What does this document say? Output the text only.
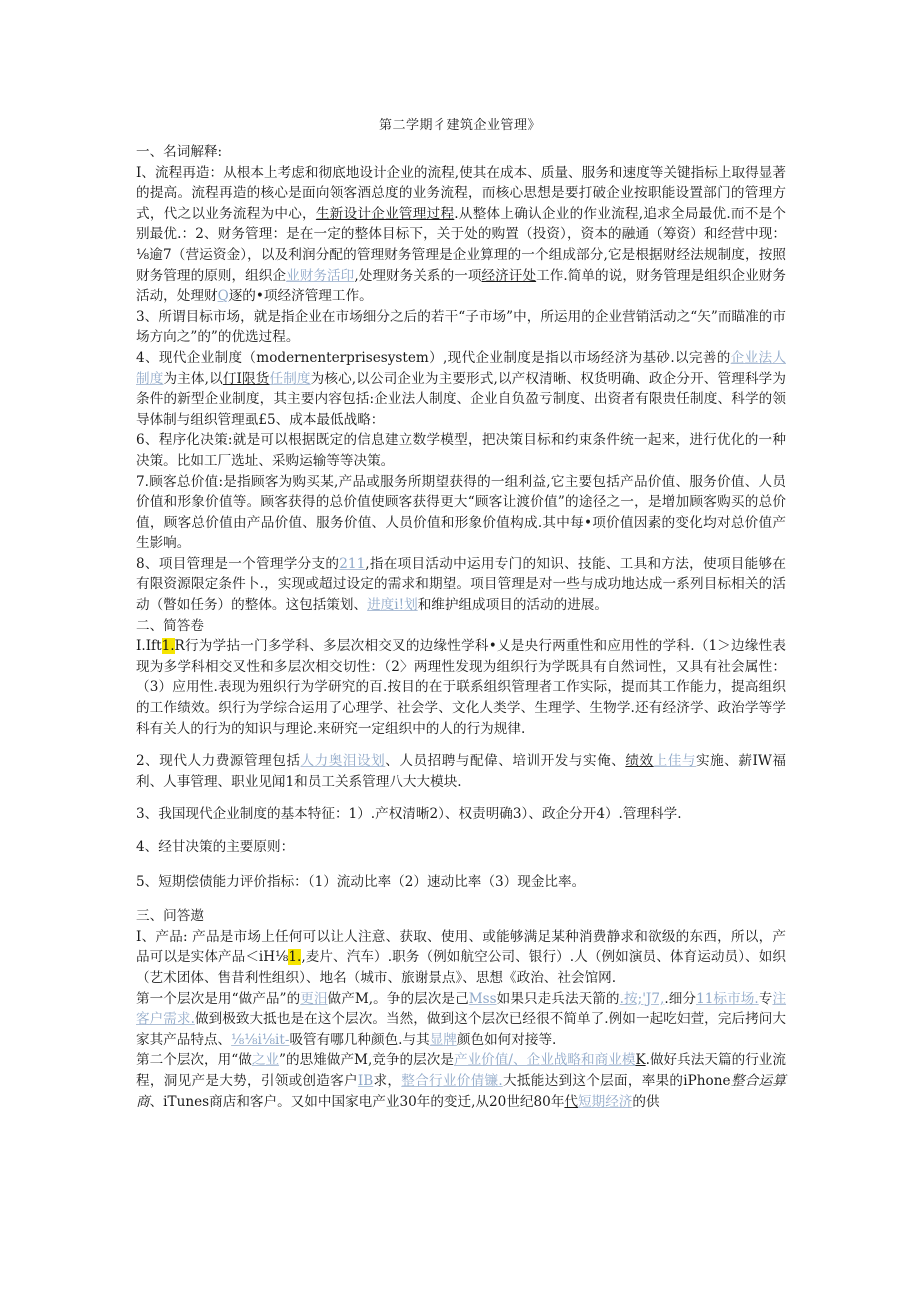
第二学期彳建筑企业管理》

一、名词解释:

I、流程再造：从根本上考虑和彻底地设计企业的流程,使其在成本、质量、服务和速度等关键指标上取得显著的提高。流程再造的核心是面向领客酒总度的业务流程，而核心思想是要打破企业按职能设置部门的管理方式，代之以业务流程为中心，生新设计企业管理过程.从整体上确认企业的作业流程,追求全局最优.而不是个别最优.：2、财务管理：是在一定的整体目标下，关于处的购置（投资），资本的融通（筹资）和经营中现：⅛逾7（营运资金），以及利润分配的管理财务管理是企业算理的一个组成部分,它是根据财经法规制度，按照财务管理的原则，组织企业财务活印,处理财务关系的一项经济讦处工作.简单的说，财务管理是组织企业财务活动，处理财Q逐的•项经济管理工作。

3、所谓目标市场，就是指企业在市场细分之后的若干“子市场”中，所运用的企业营销活动之“矢”而瞄准的市场方向之”的”的优选过程。

4、现代企业制度（modernenterprisesystem）,现代企业制度是指以市场经济为基砂.以完善的企业法人制度为主体,以仃I限货任制度为核心,以公司企业为主要形式,以产权清晰、权货明确、政企分开、管理科学为条件的新型企业制度，其主要内容包括:企业法人制度、企业自负盈亏制度、出资者有限贵任制度、科学的领导体制与组织管理虱£5、成本最低战略：

6、程序化决策:就是可以根据既定的信息建立数学模型，把决策目标和约束条件统一起来，进行优化的一种决策。比如工厂选址、采购运输等等决策。

7.顾客总价值:是指顾客为购买某,产品或服务所期望获得的一组利益,它主要包括产品价值、服务价值、人员价值和形象价值等。顾客获得的总价值使顾客获得更大“顾客让渡价值”的途径之一，是增加顾客购买的总价值，顾客总价值由产品价值、服务价值、人员价值和形象价值构成.其中每•项价值因素的变化均对总价值产生影响。

8、项目管理是一个管理学分支的211,指在项目活动中运用专门的知识、技能、工具和方法，使项目能够在有限资源限定条件卜.，实现或超过设定的需求和期望。项目管理是对一些与成功地达成一系列目标相关的活动（瞥如任务）的整体。这包括策划、进度i!划和维护组成项目的活动的进展。

二、简答卷

I.Ift1.R行为学拈一门多学科、多层次相交叉的边缘性学科•乂是央行两重性和应用性的学科.（1＞边缘性表现为多学科相交叉性和多层次相交切性：（2〉两理性发现为组织行为学既具有自然词性，又具有社会属性：（3）应用性.表现为殂织行为学研究的百.按目的在于联系组织管理者工作实际，提而其工作能力，提高组织的工作绩效。织行为学综合运用了心理学、社会学、文化人类学、生理学、生物学.还有经济学、政治学等学科有关人的行为的知识与理论.来研究一定组织中的人的行为规律.

2、现代人力费源管理包括人力奥泪设划、人员招聘与配偉、培训开发与实俺、绩效上佳与实施、薪IW福利、人事管理、职业见闻1和员工关系管理八大大模块.

3、我国现代企业制度的基本特征：1）.产权清晰2）、权责明确3）、政企分开4）.管理科学.

4、经甘决策的主要原则：

5、短期偿债能力评价指标：（1）流动比率（2）速动比率（3）现金比率。

三、问答遨

I、产品: 产品是市场上任何可以让人注意、获取、使用、或能够满足某种消费静求和欲级的东西，所以，产品可以是实体产品＜iH⅛1.,麦片、汽车）.职务（例如航空公司、银行）.人（例如演员、体育运动员）、如织（艺术团体、售昔利性组织）、地名（城市、旅谢景点》、思想《政治、社会馆网.

第一个层次是用“做产品”的更汨做产M,。争的层次是己Mss如果只走兵法天箭的.按;'J7,.细分11标市场.专注客户需求.做到极致大抵也是在这个层次。当然，做到这个层次已经很不简单了.例如一起吃妇萱，完后拷问大家其产品特点、⅛⅛i⅛it-吸管有哪几种颜色.与其显牌颜色如何对接等.

第二个层次，用“做之业”的思雉做产M,竞争的层次是产业价值/、企业战略和商业模K.做好兵法天篇的行业流程，洞见产是大势，引领或创造客户IB求，整合行业价倩镰.大抵能达到这个层面，率果的iPhone整合运算商、iTunes商店和客户。又如中国家电产业30年的变迁,从20世纪80年代短期经济的供
